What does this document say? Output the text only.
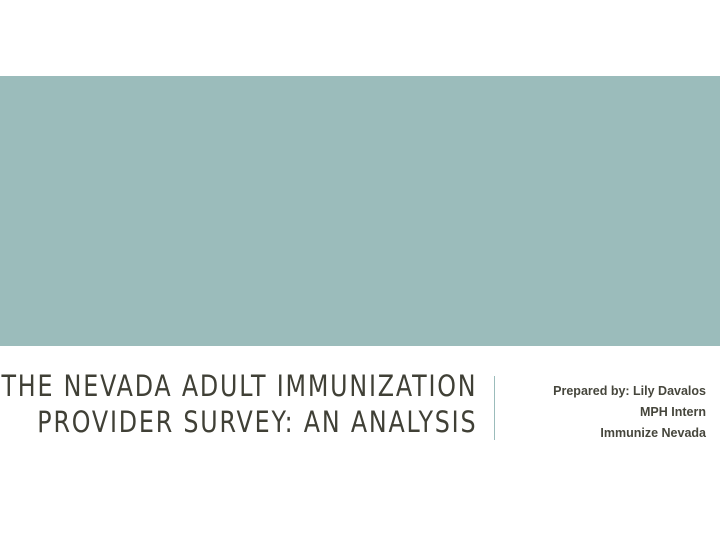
THE NEVADA ADULT IMMUNIZATION
PROVIDER SURVEY: AN ANALYSIS
Prepared by: Lily Davalos
MPH Intern
Immunize Nevada
